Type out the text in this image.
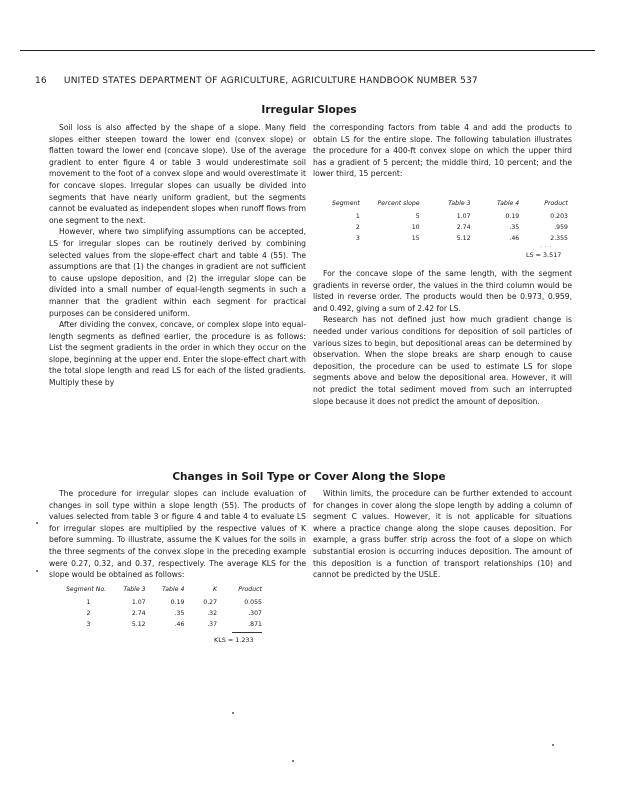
16 UNITED STATES DEPARTMENT OF AGRICULTURE, AGRICULTURE HANDBOOK NUMBER 537
Irregular Slopes

Soil loss is also affected by the shape of a slope. Many field slopes either steepen toward the lower end (convex slope) or flatten toward the lower end (concave slope). Use of the average gradient to enter figure 4 or table 3 would underestimate soil movement to the foot of a convex slope and would overestimate it for concave slopes. Irregular slopes can usually be divided into segments that have nearly uniform gradient, but the segments cannot be evaluated as independent slopes when runoff flows from one segment to the next.

However, where two simplifying assumptions can be accepted, LS for irregular slopes can be routinely derived by combining selected values from the slope-effect chart and table 4 (55). The assumptions are that (1) the changes in gradient are not sufficient to cause upslope deposition, and (2) the irregular slope can be divided into a small number of equal-length segments in such a manner that the gradient within each segment for practical purposes can be considered uniform.

After dividing the convex, concave, or complex slope into equal-length segments as defined earlier, the procedure is as follows: List the segment gradients in the order in which they occur on the slope, beginning at the upper end. Enter the slope-effect chart with the total slope length and read LS for each of the listed gradients. Multiply these by

the corresponding factors from table 4 and add the products to obtain LS for the entire slope. The following tabulation illustrates the procedure for a 400-ft convex slope on which the upper third has a gradient of 5 percent; the middle third, 10 percent; and the lower third, 15 percent:

Segment	Percent slope	Table 3	Table 4	Product
1	5	1.07	0.19	0.203
2	10	2.74	.35	.959
3	15	5.12	.46	2.355
···
LS = 3.517

For the concave slope of the same length, with the segment gradients in reverse order, the values in the third column would be listed in reverse order. The products would then be 0.973, 0.959, and 0.492, giving a sum of 2.42 for LS.

Research has not defined just how much gradient change is needed under various conditions for deposition of soil particles of various sizes to begin, but depositional areas can be determined by observation. When the slope breaks are sharp enough to cause deposition, the procedure can be used to estimate LS for slope segments above and below the depositional area. However, it will not predict the total sediment moved from such an interrupted slope because it does not predict the amount of deposition.

Changes in Soil Type or Cover Along the Slope

The procedure for irregular slopes can include evaluation of changes in soil type within a slope length (55). The products of values selected from table 3 or figure 4 and table 4 to evaluate LS for irregular slopes are multiplied by the respective values of K before summing. To illustrate, assume the K values for the soils in the three segments of the convex slope in the preceding example were 0.27, 0.32, and 0.37, respectively. The average KLS for the slope would be obtained as follows:

Segment No.	Table 3	Table 4	K	Product
1	1.07	0.19	0.27	0.055
2	2.74	.35	.32	.307
3	5.12	.46	.37	.871
KLS = 1.233

Within limits, the procedure can be further extended to account for changes in cover along the slope length by adding a column of segment C values. However, it is not applicable for situations where a practice change along the slope causes deposition. For example, a grass buffer strip across the foot of a slope on which substantial erosion is occurring induces deposition. The amount of this deposition is a function of transport relationships (10) and cannot be predicted by the USLE.
